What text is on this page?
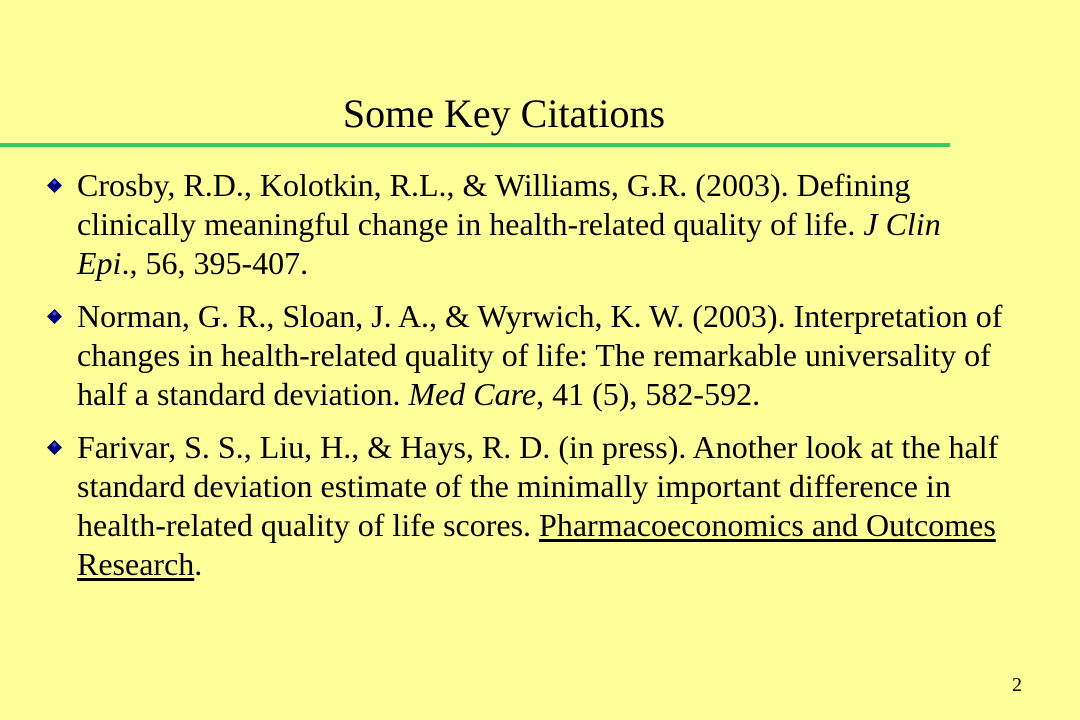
Some Key Citations
Crosby, R.D., Kolotkin, R.L., & Williams, G.R. (2003). Defining clinically meaningful change in health-related quality of life. J Clin Epi., 56, 395-407.
Norman, G. R., Sloan, J. A., & Wyrwich, K. W. (2003). Interpretation of changes in health-related quality of life: The remarkable universality of half a standard deviation. Med Care, 41 (5), 582-592.
Farivar, S. S., Liu, H., & Hays, R. D. (in press). Another look at the half standard deviation estimate of the minimally important difference in health-related quality of life scores. Pharmacoeconomics and Outcomes Research.
2
